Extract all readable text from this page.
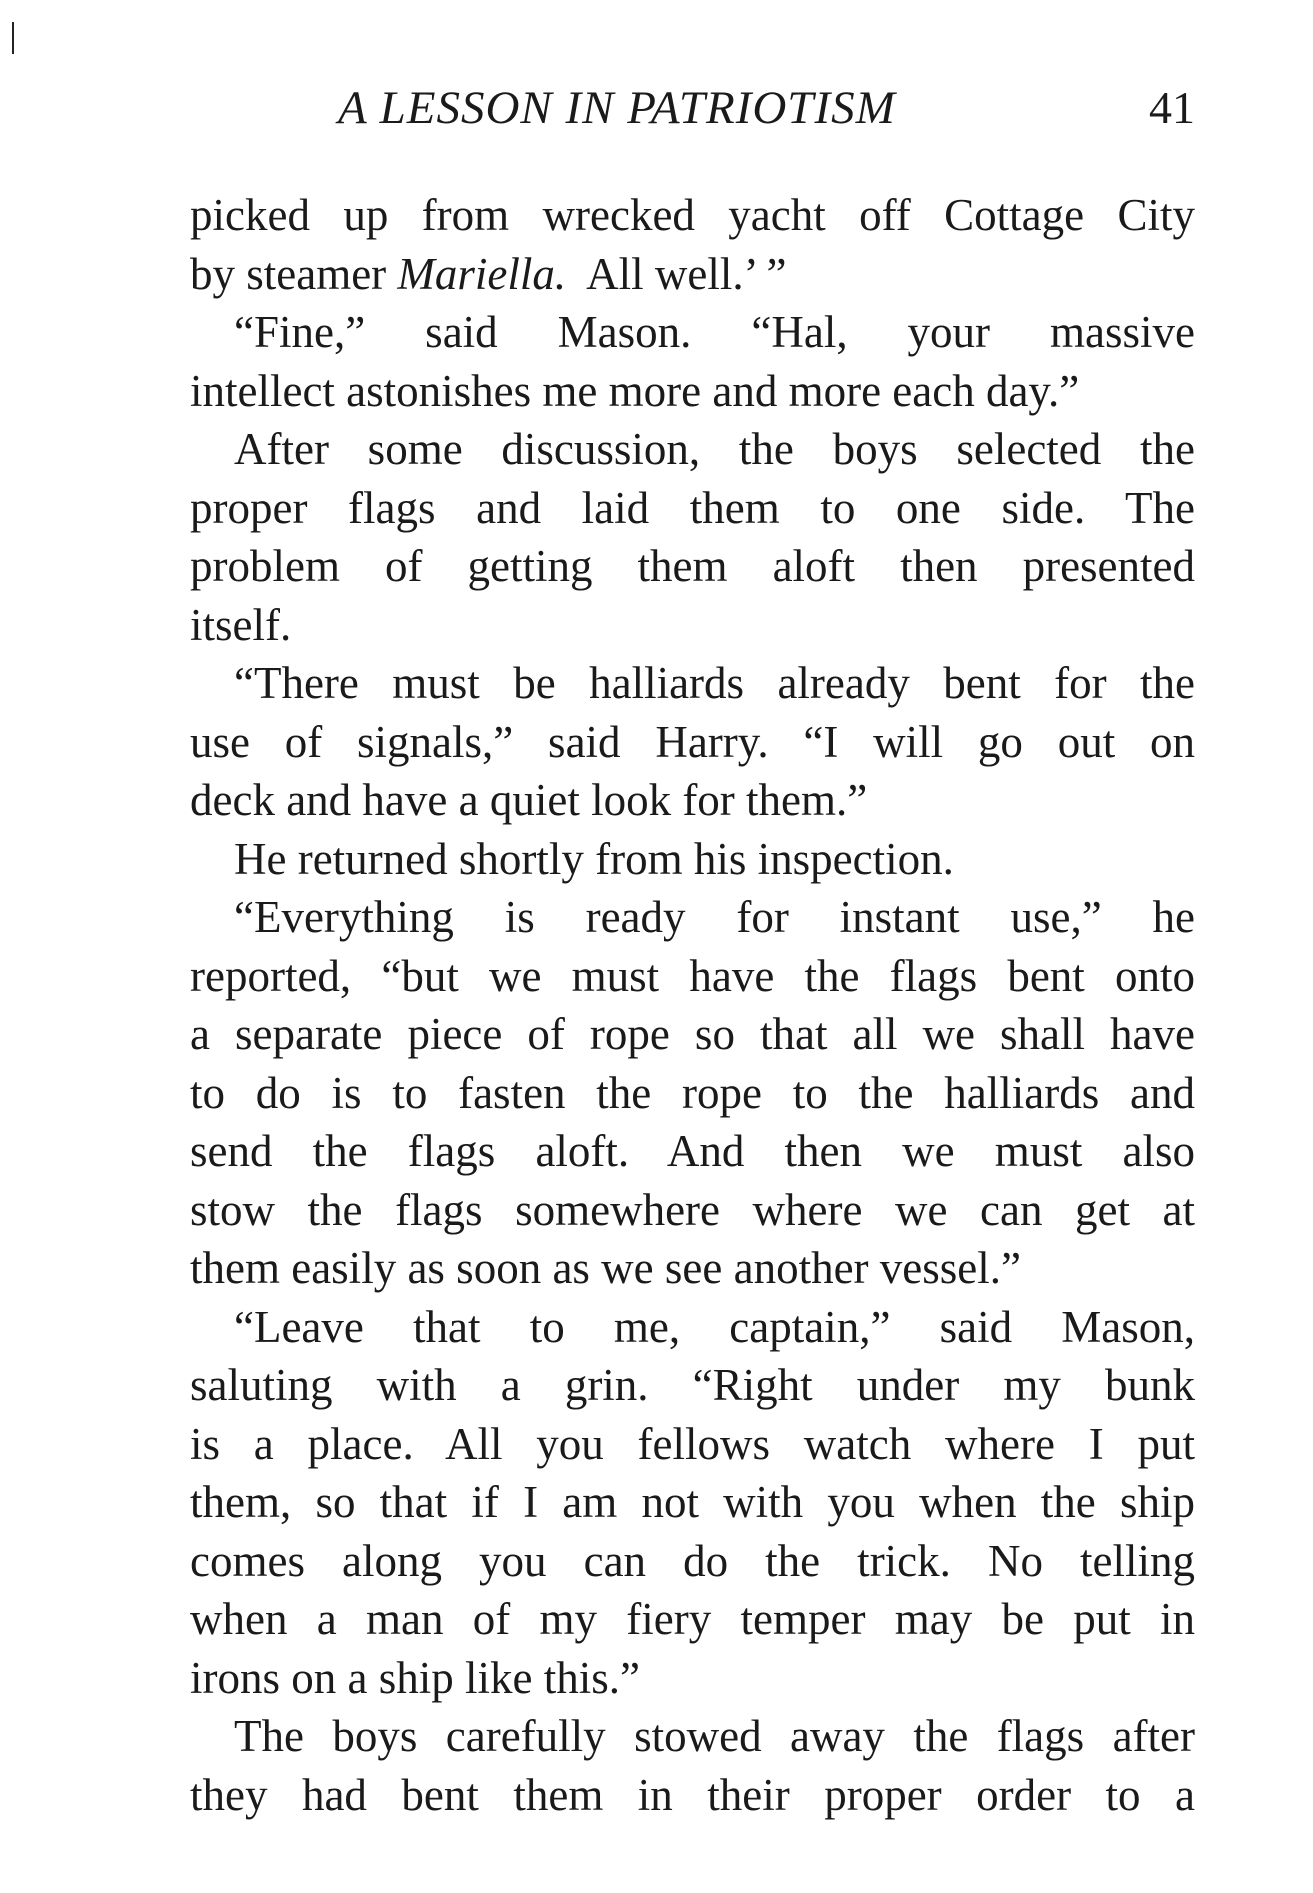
A LESSON IN PATRIOTISM	41
picked up from wrecked yacht off Cottage City
by steamer Mariella.  All well.’ ”
“Fine,” said Mason. “Hal, your massive
intellect astonishes me more and more each day.”
After some discussion, the boys selected the
proper flags and laid them to one side. The
problem of getting them aloft then presented
itself.
“There must be halliards already bent for the
use of signals,” said Harry. “I will go out on
deck and have a quiet look for them.”
He returned shortly from his inspection.
“Everything is ready for instant use,” he
reported, “but we must have the flags bent onto
a separate piece of rope so that all we shall have
to do is to fasten the rope to the halliards and
send the flags aloft. And then we must also
stow the flags somewhere where we can get at
them easily as soon as we see another vessel.”
“Leave that to me, captain,” said Mason,
saluting with a grin. “Right under my bunk
is a place. All you fellows watch where I put
them, so that if I am not with you when the ship
comes along you can do the trick. No telling
when a man of my fiery temper may be put in
irons on a ship like this.”
The boys carefully stowed away the flags after
they had bent them in their proper order to a
